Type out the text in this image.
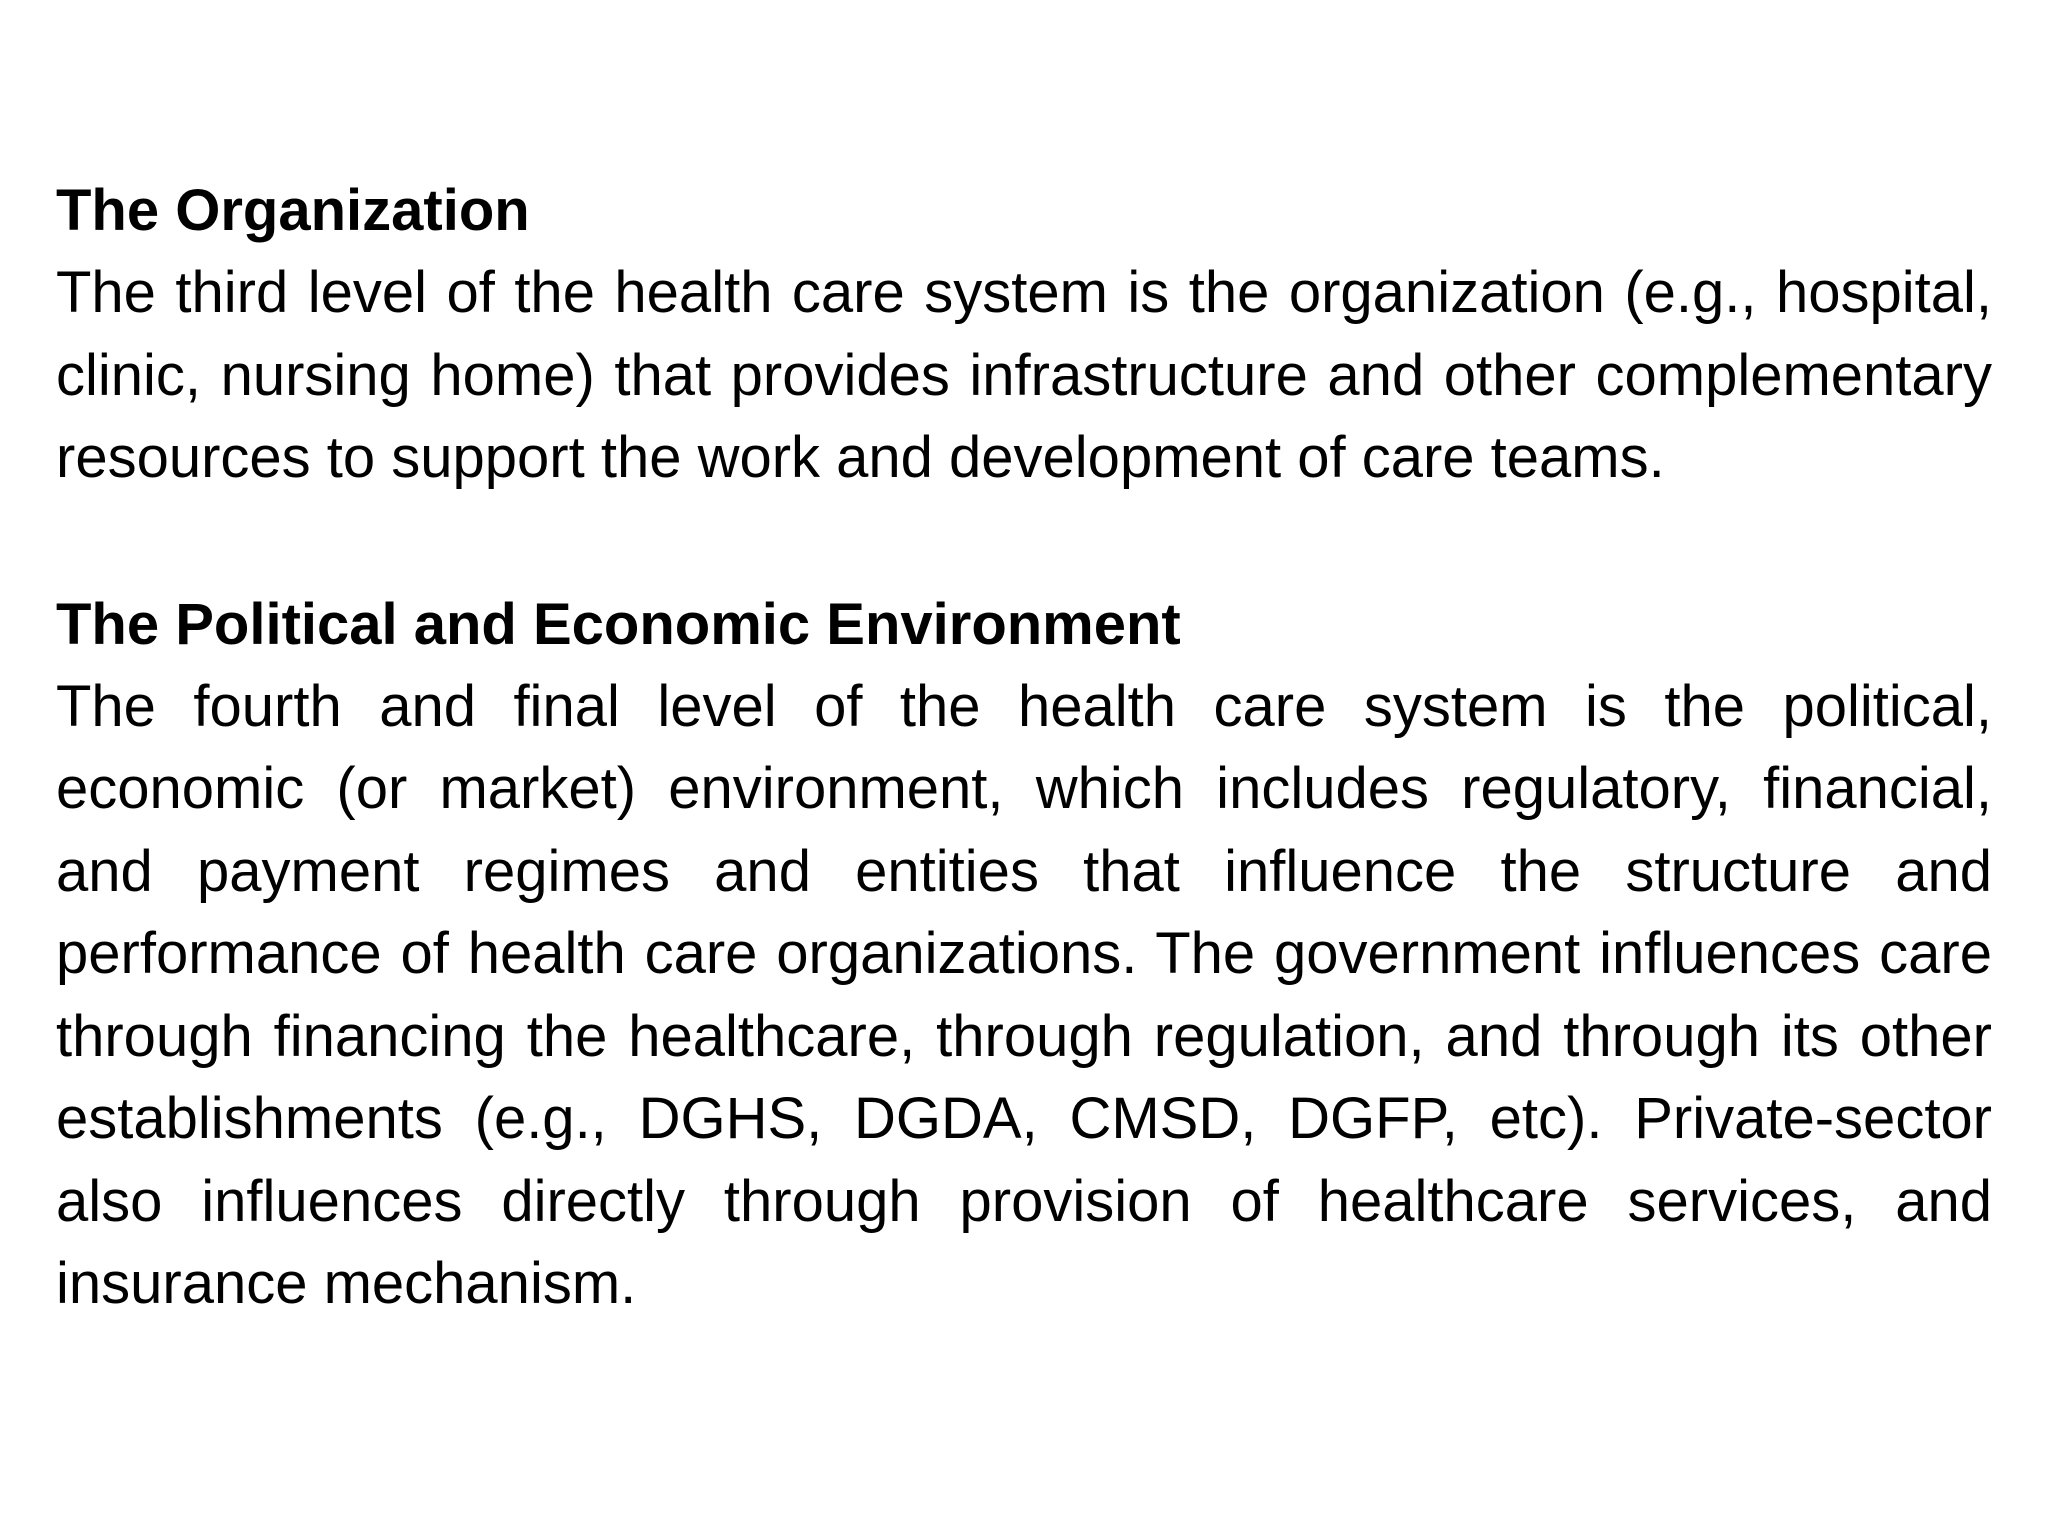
The Organization

The third level of the health care system is the organization (e.g., hospital, clinic, nursing home) that provides infrastructure and other complementary resources to support the work and development of care teams.

The Political and Economic Environment

The fourth and final level of the health care system is the political, economic (or market) environment, which includes regulatory, financial, and payment regimes and entities that influence the structure and performance of health care organizations. The government influences care through financing the healthcare, through regulation, and through its other establishments (e.g., DGHS, DGDA, CMSD, DGFP, etc). Private-sector also influences directly through provision of healthcare services, and insurance mechanism.
